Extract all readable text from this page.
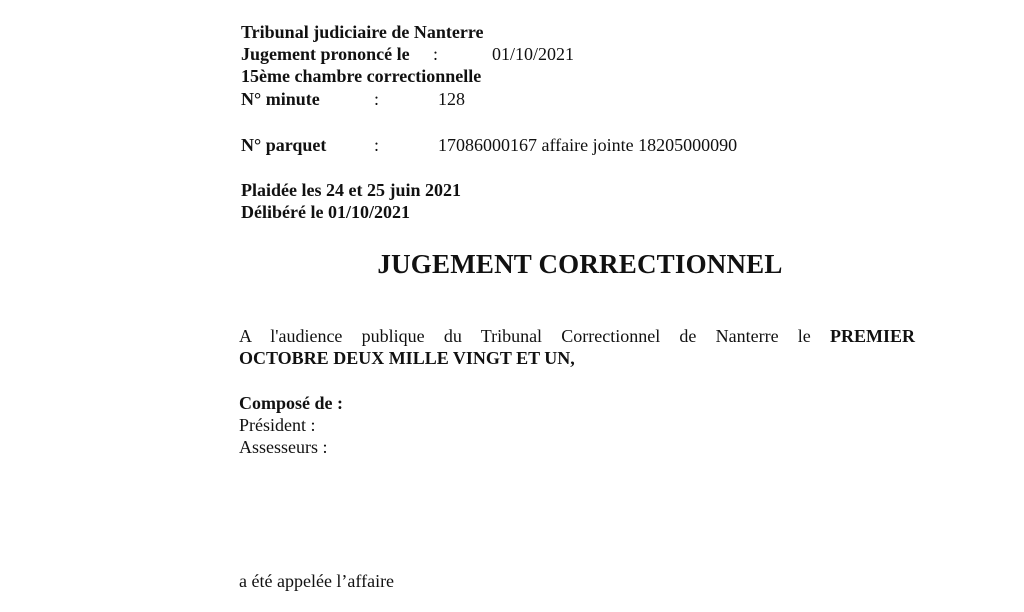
Tribunal judiciaire de Nanterre
Jugement prononcé le :	01/10/2021
15ème chambre correctionnelle
N° minute	:	128
N° parquet	:	17086000167 affaire jointe 18205000090
Plaidée les 24 et 25 juin 2021
Délibéré le 01/10/2021
JUGEMENT CORRECTIONNEL
A l'audience publique du Tribunal Correctionnel de Nanterre le PREMIER
OCTOBRE DEUX MILLE VINGT ET UN,
Composé de :
Président :
Assesseurs :
a été appelée l’affaire
